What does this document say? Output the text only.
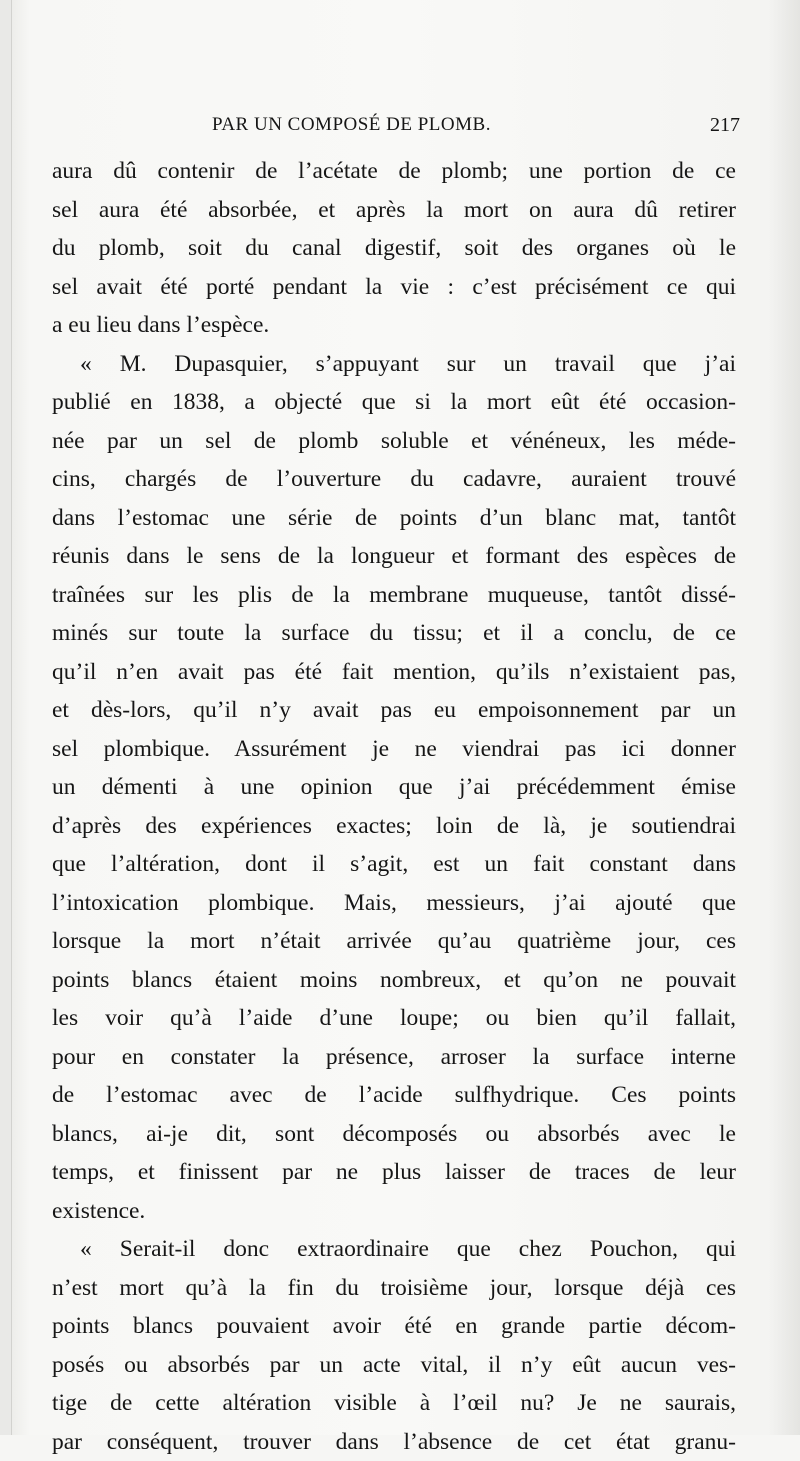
PAR UN COMPOSÉ DE PLOMB.	217
aura dû contenir de l’acétate de plomb; une portion de ce
sel aura été absorbée, et après la mort on aura dû retirer
du plomb, soit du canal digestif, soit des organes où le
sel avait été porté pendant la vie : c’est précisément ce qui
a eu lieu dans l’espèce.
« M. Dupasquier, s’appuyant sur un travail que j’ai
publié en 1838, a objecté que si la mort eût été occasion-
née par un sel de plomb soluble et vénéneux, les méde-
cins, chargés de l’ouverture du cadavre, auraient trouvé
dans l’estomac une série de points d’un blanc mat, tantôt
réunis dans le sens de la longueur et formant des espèces de
traînées sur les plis de la membrane muqueuse, tantôt dissé-
minés sur toute la surface du tissu; et il a conclu, de ce
qu’il n’en avait pas été fait mention, qu’ils n’existaient pas,
et dès-lors, qu’il n’y avait pas eu empoisonnement par un
sel plombique. Assurément je ne viendrai pas ici donner
un démenti à une opinion que j’ai précédemment émise
d’après des expériences exactes; loin de là, je soutiendrai
que l’altération, dont il s’agit, est un fait constant dans
l’intoxication plombique. Mais, messieurs, j’ai ajouté que
lorsque la mort n’était arrivée qu’au quatrième jour, ces
points blancs étaient moins nombreux, et qu’on ne pouvait
les voir qu’à l’aide d’une loupe; ou bien qu’il fallait,
pour en constater la présence, arroser la surface interne
de l’estomac avec de l’acide sulfhydrique. Ces points
blancs, ai-je dit, sont décomposés ou absorbés avec le
temps, et finissent par ne plus laisser de traces de leur
existence.
« Serait-il donc extraordinaire que chez Pouchon, qui
n’est mort qu’à la fin du troisième jour, lorsque déjà ces
points blancs pouvaient avoir été en grande partie décom-
posés ou absorbés par un acte vital, il n’y eût aucun ves-
tige de cette altération visible à l’œil nu? Je ne saurais,
par conséquent, trouver dans l’absence de cet état granu-
